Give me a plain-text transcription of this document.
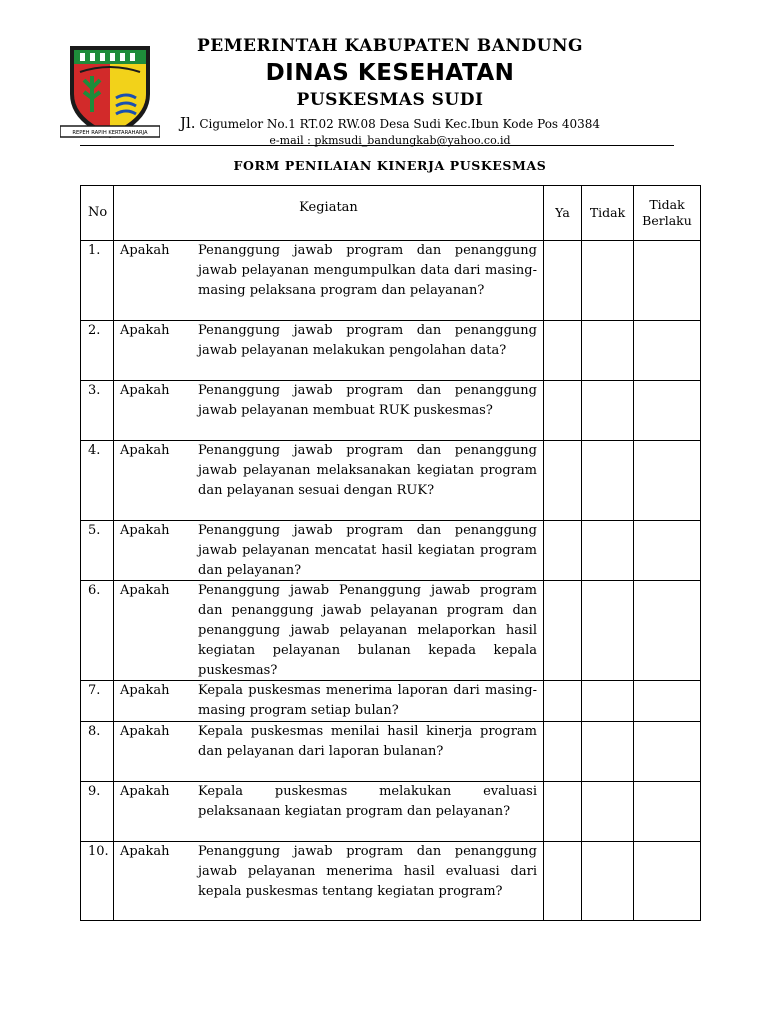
REPEH RAPIH KERTARAHARJA
PEMERINTAH KABUPATEN BANDUNG
DINAS KESEHATAN
PUSKESMAS SUDI
Jl. Cigumelor No.1 RT.02 RW.08 Desa Sudi Kec.Ibun Kode Pos 40384
e-mail : pkmsudi_bandungkab@yahoo.co.id
FORM PENILAIAN KINERJA PUSKESMAS
No	Kegiatan	Ya	Tidak	Tidak Berlaku
1.	Apakah Penanggung jawab program dan penanggung jawab pelayanan mengumpulkan data dari masing-masing pelaksana program dan pelayanan?			

2.	Apakah Penanggung jawab program dan penanggung jawab pelayanan melakukan pengolahan data?			

3.	Apakah Penanggung jawab program dan penanggung jawab pelayanan membuat RUK puskesmas?			

4.	Apakah Penanggung jawab program dan penanggung jawab pelayanan melaksanakan kegiatan program dan pelayanan sesuai dengan RUK?			

5.	Apakah Penanggung jawab program dan penanggung jawab pelayanan mencatat hasil kegiatan program dan pelayanan?			

6.	Apakah Penanggung jawab Penanggung jawab program dan penanggung jawab pelayanan program dan penanggung jawab pelayanan melaporkan hasil kegiatan pelayanan bulanan kepada kepala puskesmas?			

7.	Apakah Kepala puskesmas menerima laporan dari masing-masing program setiap bulan?			

8.	Apakah Kepala puskesmas menilai hasil kinerja program dan pelayanan dari laporan bulanan?			

9.	Apakah Kepala puskesmas melakukan evaluasi pelaksanaan kegiatan program dan pelayanan?			

10.	Apakah Penanggung jawab program dan penanggung jawab pelayanan menerima hasil evaluasi dari kepala puskesmas tentang kegiatan program?			
